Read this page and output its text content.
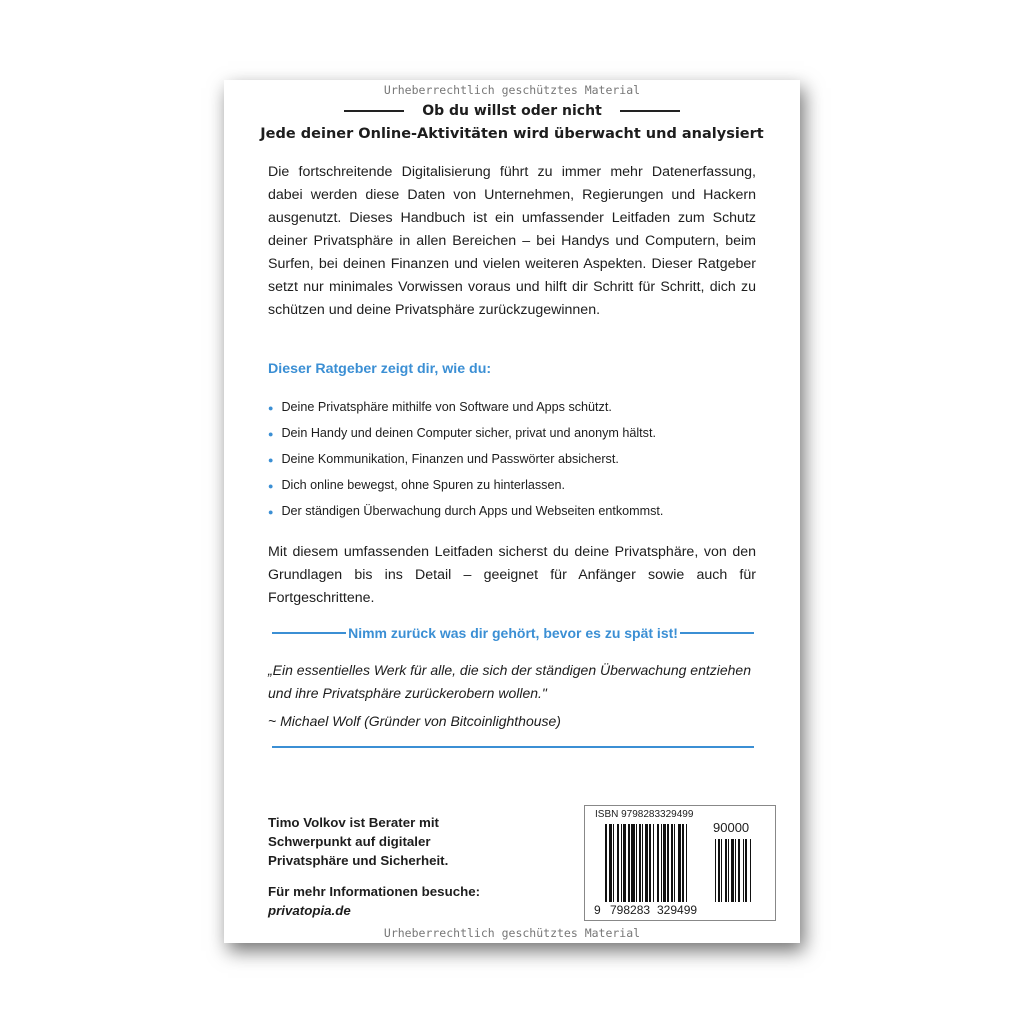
Urheberrechtlich geschütztes Material
Ob du willst oder nicht
Jede deiner Online-Aktivitäten wird überwacht und analysiert
Die fortschreitende Digitalisierung führt zu immer mehr Datenerfassung, dabei werden diese Daten von Unternehmen, Regierungen und Hackern ausgenutzt. Dieses Handbuch ist ein umfassender Leitfaden zum Schutz deiner Privatsphäre in allen Bereichen – bei Handys und Computern, beim Surfen, bei deinen Finanzen und vielen weiteren Aspekten. Dieser Ratgeber setzt nur minimales Vorwissen voraus und hilft dir Schritt für Schritt, dich zu schützen und deine Privatsphäre zurückzugewinnen.
Dieser Ratgeber zeigt dir, wie du:
● Deine Privatsphäre mithilfe von Software und Apps schützt.
● Dein Handy und deinen Computer sicher, privat und anonym hältst.
● Deine Kommunikation, Finanzen und Passwörter absicherst.
● Dich online bewegst, ohne Spuren zu hinterlassen.
● Der ständigen Überwachung durch Apps und Webseiten entkommst.
Mit diesem umfassenden Leitfaden sicherst du deine Privatsphäre, von den Grundlagen bis ins Detail – geeignet für Anfänger sowie auch für Fortgeschrittene.
Nimm zurück was dir gehört, bevor es zu spät ist!
„Ein essentielles Werk für alle, die sich der ständigen Überwachung entziehen und ihre Privatsphäre zurückerobern wollen."
~ Michael Wolf (Gründer von Bitcoinlighthouse)
Timo Volkov ist Berater mit
Schwerpunkt auf digitaler
Privatsphäre und Sicherheit.
Für mehr Informationen besuche:
privatopia.de
ISBN 9798283329499
90000
9 798283 329499
Urheberrechtlich geschütztes Material
